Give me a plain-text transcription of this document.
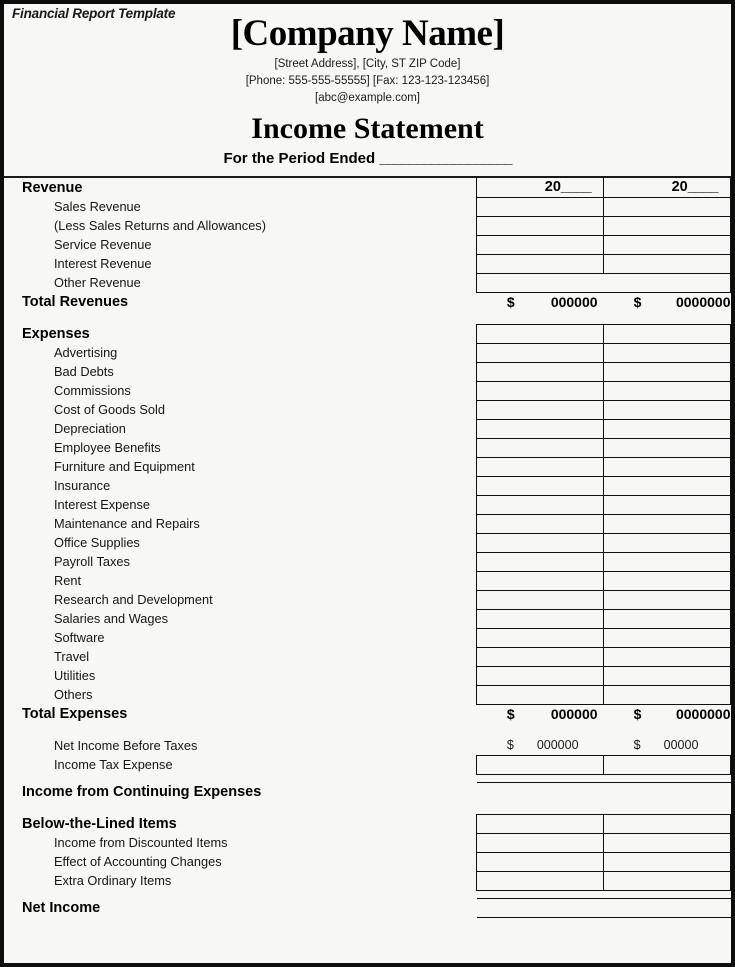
Financial Report Template	[Company Name]
[Street Address], [City, ST ZIP Code]
[Phone: 555-555-55555] [Fax: 123-123-123456]
[abc@example.com]
Income Statement
For the Period Ended __________________
Revenue	20____	20____

Sales Revenue		

(Less Sales Returns and Allowances)		

Service Revenue		

Interest Revenue		

Other Revenue		

Total Revenues	$ 000000	$ 0000000

Expenses		

Advertising		

Bad Debts		

Commissions		

Cost of Goods Sold		

Depreciation		

Employee Benefits		

Furniture and Equipment		

Insurance		

Interest Expense		

Maintenance and Repairs		

Office Supplies		

Payroll Taxes		

Rent		

Research and Development		

Salaries and Wages		

Software		

Travel		

Utilities		

Others		

Total Expenses	$ 000000	$ 0000000

Net Income Before Taxes	$ 000000	$ 00000

Income Tax Expense		

Income from Continuing Expenses		

Below-the-Lined Items		

Income from Discounted Items		

Effect of Accounting Changes		

Extra Ordinary Items		

Net Income		
